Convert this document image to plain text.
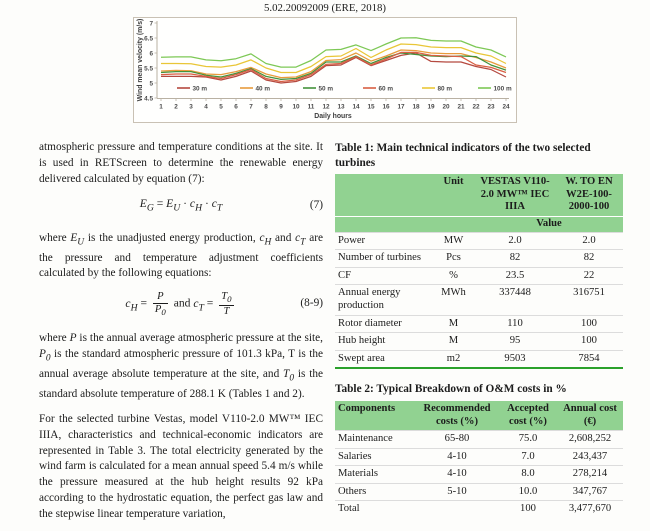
5.02.20092009 (ERE, 2018)
4.5
5
5.5
6
6.5
7
1 2 3 4 5 6 7 8 9 10 11 12 13 14 15 16 17 18 19 20 21 22 23 24
30 m	40 m	50 m	60 m	80 m	100 m
Daily hours
Wind mean velocity (m/s)

atmospheric pressure and temperature conditions at the site. It is used in RETScreen to determine the renewable energy delivered calculated by equation (7):

$E_G = E_U \cdot c_H \cdot c_T$	(7)

where $E_U$ is the unadjusted energy production, $c_H$ and $c_T$ are the pressure and temperature adjustment coefficients calculated by the following equations:

$c_H = \frac{P}{P_0}$ and $c_T = \frac{T_0}{T}$	(8-9)

where P is the annual average atmospheric pressure at the site, $P_0$ is the standard atmospheric pressure of 101.3 kPa, T is the annual average absolute temperature at the site, and $T_0$ is the standard absolute temperature of 288.1 K (Tables 1 and 2).

For the selected turbine Vestas, model V110-2.0 MW™ IEC IIIA, characteristics and technical-economic indicators are represented in Table 3. The total electricity generated by the wind farm is calculated for a mean annual speed 5.4 m/s while the pressure measured at the hub height results 92 kPa according to the hydrostatic equation, the perfect gas law and the stepwise linear temperature variation,

Table 1: Main technical indicators of the two selected turbines

	Unit	VESTAS V110-2.0 MW™ IEC IIIA	W. TO EN W2E-100-2000-100
		Value	
Power	MW	2.0	2.0
Number of turbines	Pcs	82	82
CF	%	23.5	22
Annual energy production	MWh	337448	316751
Rotor diameter	M	110	100
Hub height	M	95	100
Swept area	m2	9503	7854

Table 2: Typical Breakdown of O&M costs in %

Components	Recommended costs (%)	Accepted cost (%)	Annual cost (€)
Maintenance	65-80	75.0	2,608,252
Salaries	4-10	7.0	243,437
Materials	4-10	8.0	278,214
Others	5-10	10.0	347,767
Total		100	3,477,670
